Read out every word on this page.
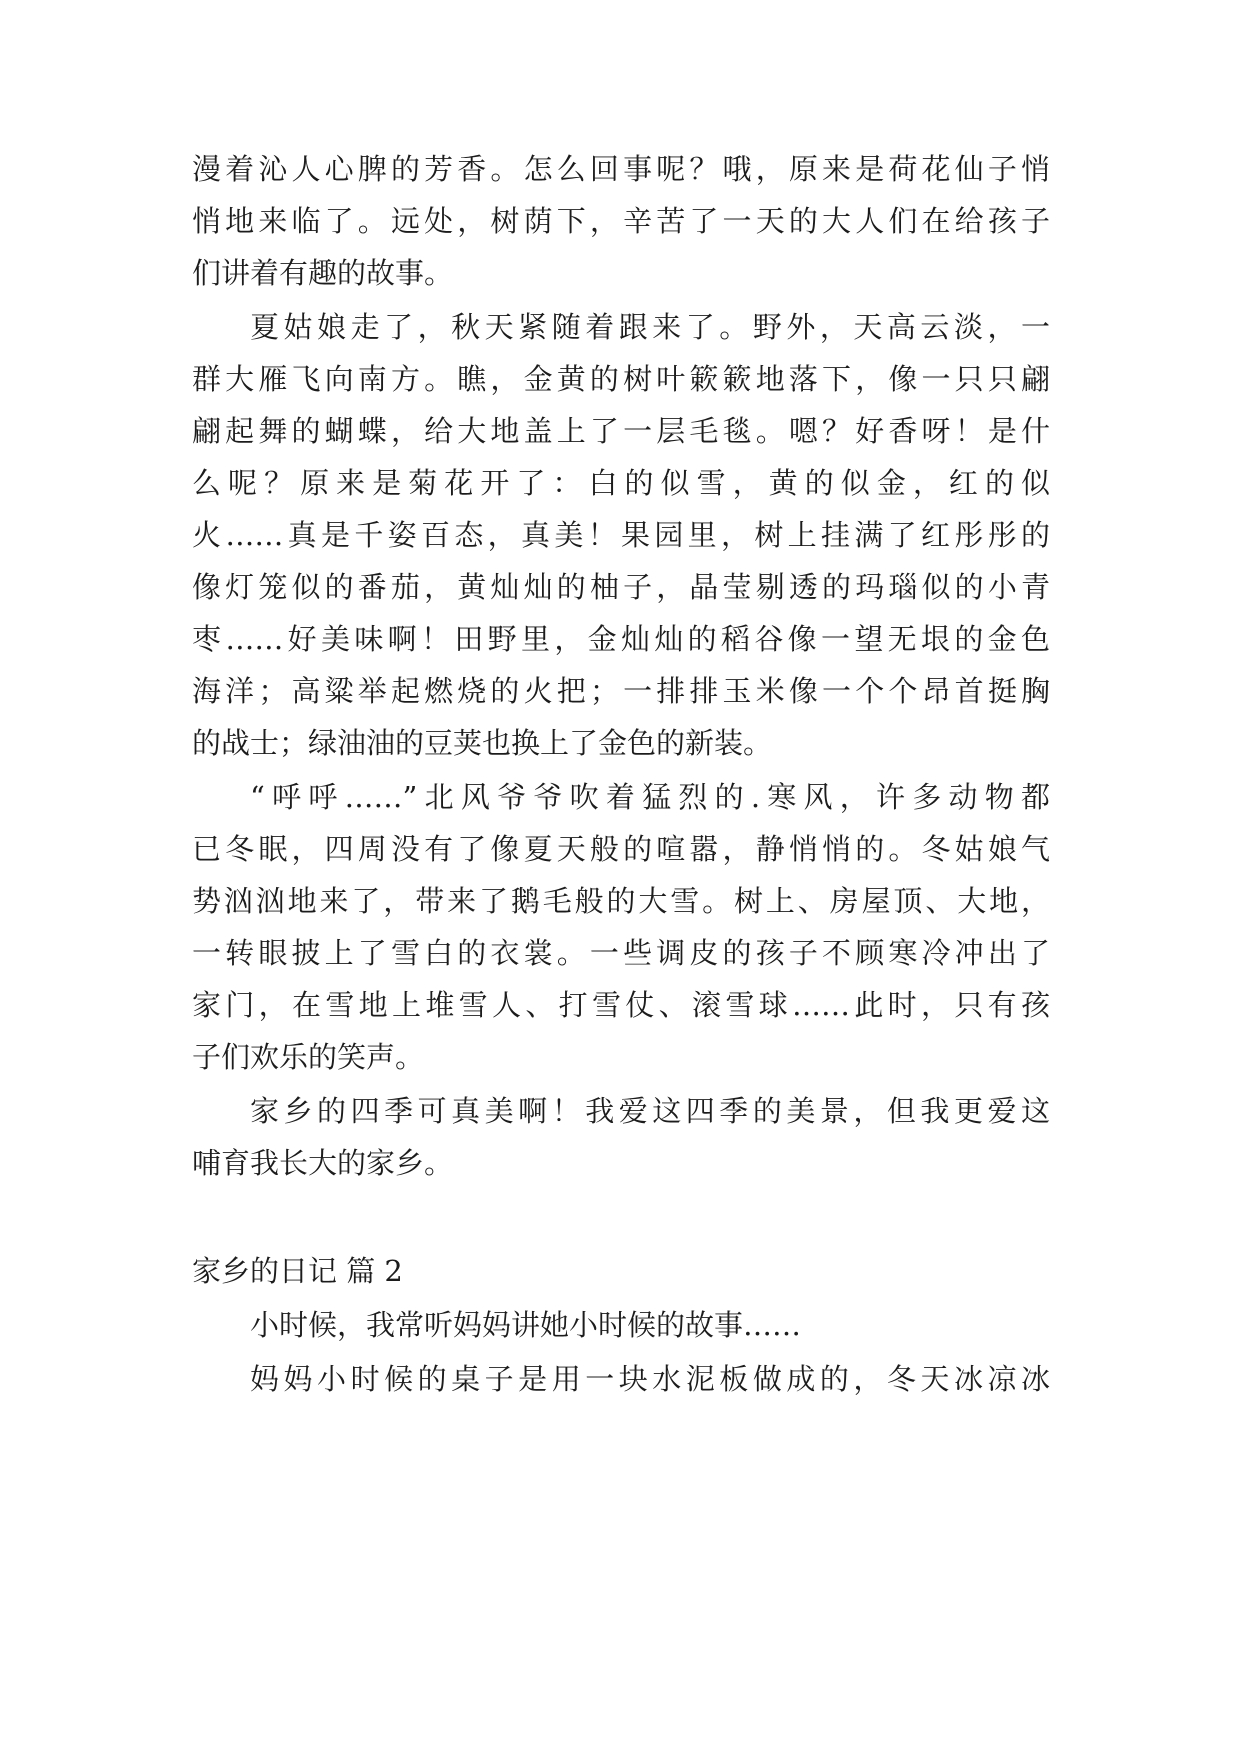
漫着沁人心脾的芳香。怎么回事呢？哦，原来是荷花仙子悄
悄地来临了。远处，树荫下，辛苦了一天的大人们在给孩子
们讲着有趣的故事。
夏姑娘走了，秋天紧随着跟来了。野外，天高云淡，一
群大雁飞向南方。瞧，金黄的树叶簌簌地落下，像一只只翩
翩起舞的蝴蝶，给大地盖上了一层毛毯。嗯？好香呀！是什
么呢？原来是菊花开了：白的似雪，黄的似金，红的似
火……真是千姿百态，真美！果园里，树上挂满了红彤彤的
像灯笼似的番茄，黄灿灿的柚子，晶莹剔透的玛瑙似的小青
枣……好美味啊！田野里，金灿灿的稻谷像一望无垠的金色
海洋；高粱举起燃烧的火把；一排排玉米像一个个昂首挺胸
的战士；绿油油的豆荚也换上了金色的新装。
“呼呼……”北风爷爷吹着猛烈的.寒风，许多动物都
已冬眠，四周没有了像夏天般的喧嚣，静悄悄的。冬姑娘气
势汹汹地来了，带来了鹅毛般的大雪。树上、房屋顶、大地，
一转眼披上了雪白的衣裳。一些调皮的孩子不顾寒冷冲出了
家门，在雪地上堆雪人、打雪仗、滚雪球……此时，只有孩
子们欢乐的笑声。
家乡的四季可真美啊！我爱这四季的美景，但我更爱这
哺育我长大的家乡。
家乡的日记 篇 2
小时候，我常听妈妈讲她小时候的故事……
妈妈小时候的桌子是用一块水泥板做成的，冬天冰凉冰
